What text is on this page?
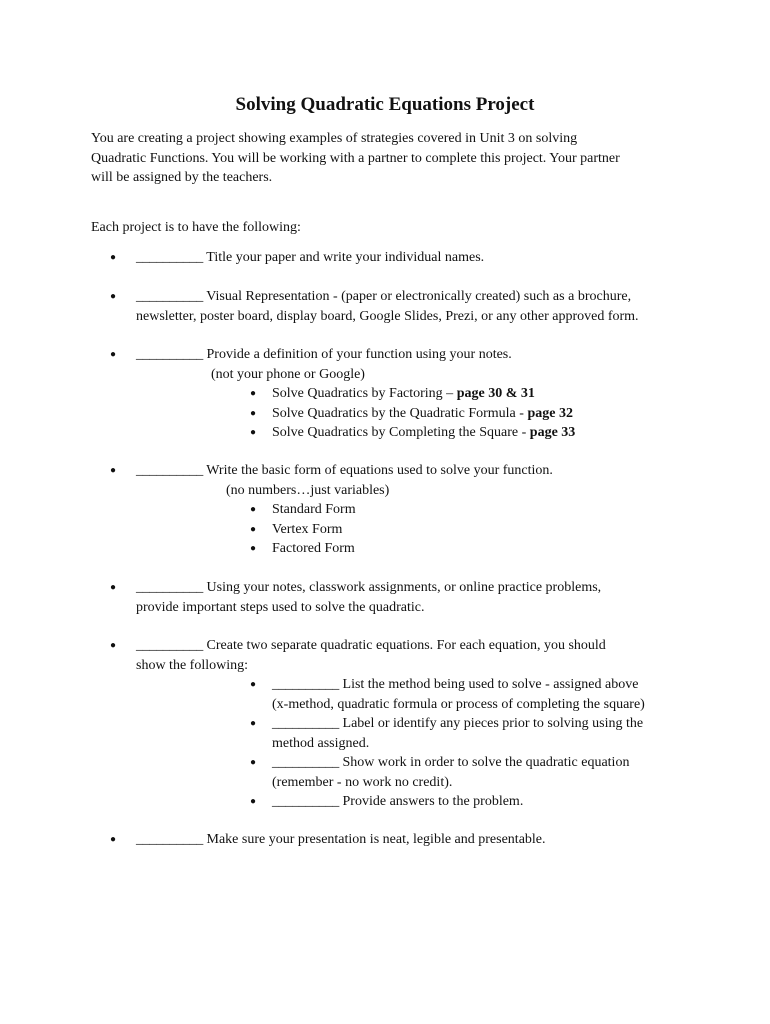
Solving Quadratic Equations Project
You are creating a project showing examples of strategies covered in Unit 3 on solving
Quadratic Functions. You will be working with a partner to complete this project. Your partner
will be assigned by the teachers.
Each project is to have the following:
● __________ Title your paper and write your individual names.
● __________ Visual Representation - (paper or electronically created) such as a brochure,
newsletter, poster board, display board, Google Slides, Prezi, or any other approved form.
● __________ Provide a definition of your function using your notes.
(not your phone or Google)
● Solve Quadratics by Factoring – page 30 & 31
● Solve Quadratics by the Quadratic Formula - page 32
● Solve Quadratics by Completing the Square - page 33
● __________ Write the basic form of equations used to solve your function.
(no numbers…just variables)
● Standard Form
● Vertex Form
● Factored Form
● __________ Using your notes, classwork assignments, or online practice problems,
provide important steps used to solve the quadratic.
● __________ Create two separate quadratic equations. For each equation, you should
show the following:
● __________ List the method being used to solve - assigned above
(x-method, quadratic formula or process of completing the square)
● __________ Label or identify any pieces prior to solving using the
method assigned.
● __________ Show work in order to solve the quadratic equation
(remember - no work no credit).
● __________ Provide answers to the problem.
● __________ Make sure your presentation is neat, legible and presentable.
